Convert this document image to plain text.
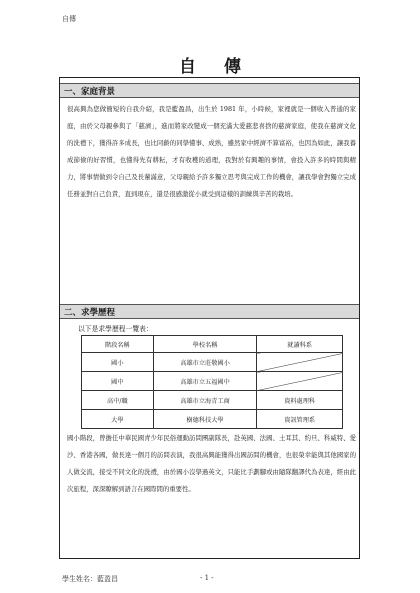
自傳
自傳
一、家庭背景

很高興為您做簡短的自我介紹，我是藍盈昌，出生於 1981 年，小時候，家裡就是一個收入普通的家庭，由於父母親參與了「慈濟」，進而將家改變成一個充滿大愛慈悲喜捨的慈濟家庭，使我在慈濟文化的洗禮下，獲得許多成長，也比同齡的同學懂事、成熟，雖然家中經濟不算富裕，也因為如此，讓我養成節儉的好習慣，也懂得先有耕耘，才有收穫的道理，我對於有興趣的事情，會投入許多的時間與精力，將事情做到令自己及長輩滿意，父母親給予許多獨立思考與完成工作的機會，讓我學會對獨立完成任務並對自己負責，直到現在，還是很感激從小就受到這樣的訓練與辛苦的栽培。

二、求學歷程
以下是求學歷程一覽表：
階段名稱	學校名稱	就讀科系
國小	高雄市立莊敬國小	
國中	高雄市立五福國中	
高中/職	高雄市立海青工商	資料處理科
大學	樹德科技大學	資訊管理系

國小階段，曾擔任中華民國青少年民俗運動訪問團副隊長，赴英國、法國、土耳其、約旦、科威特、愛沙、香港各國，做長達一個月的訪問表演，我很高興能獲得出國訪問的機會，也很榮幸能與其他國家的人做交流，接受不同文化的洗禮，由於國小沒學過英文，只能比手劃腳或由隨隊翻譯代為表達，經由此次旅程，深深瞭解到語言在國際間的重要性。

學生姓名：藍盈昌	- 1 -
